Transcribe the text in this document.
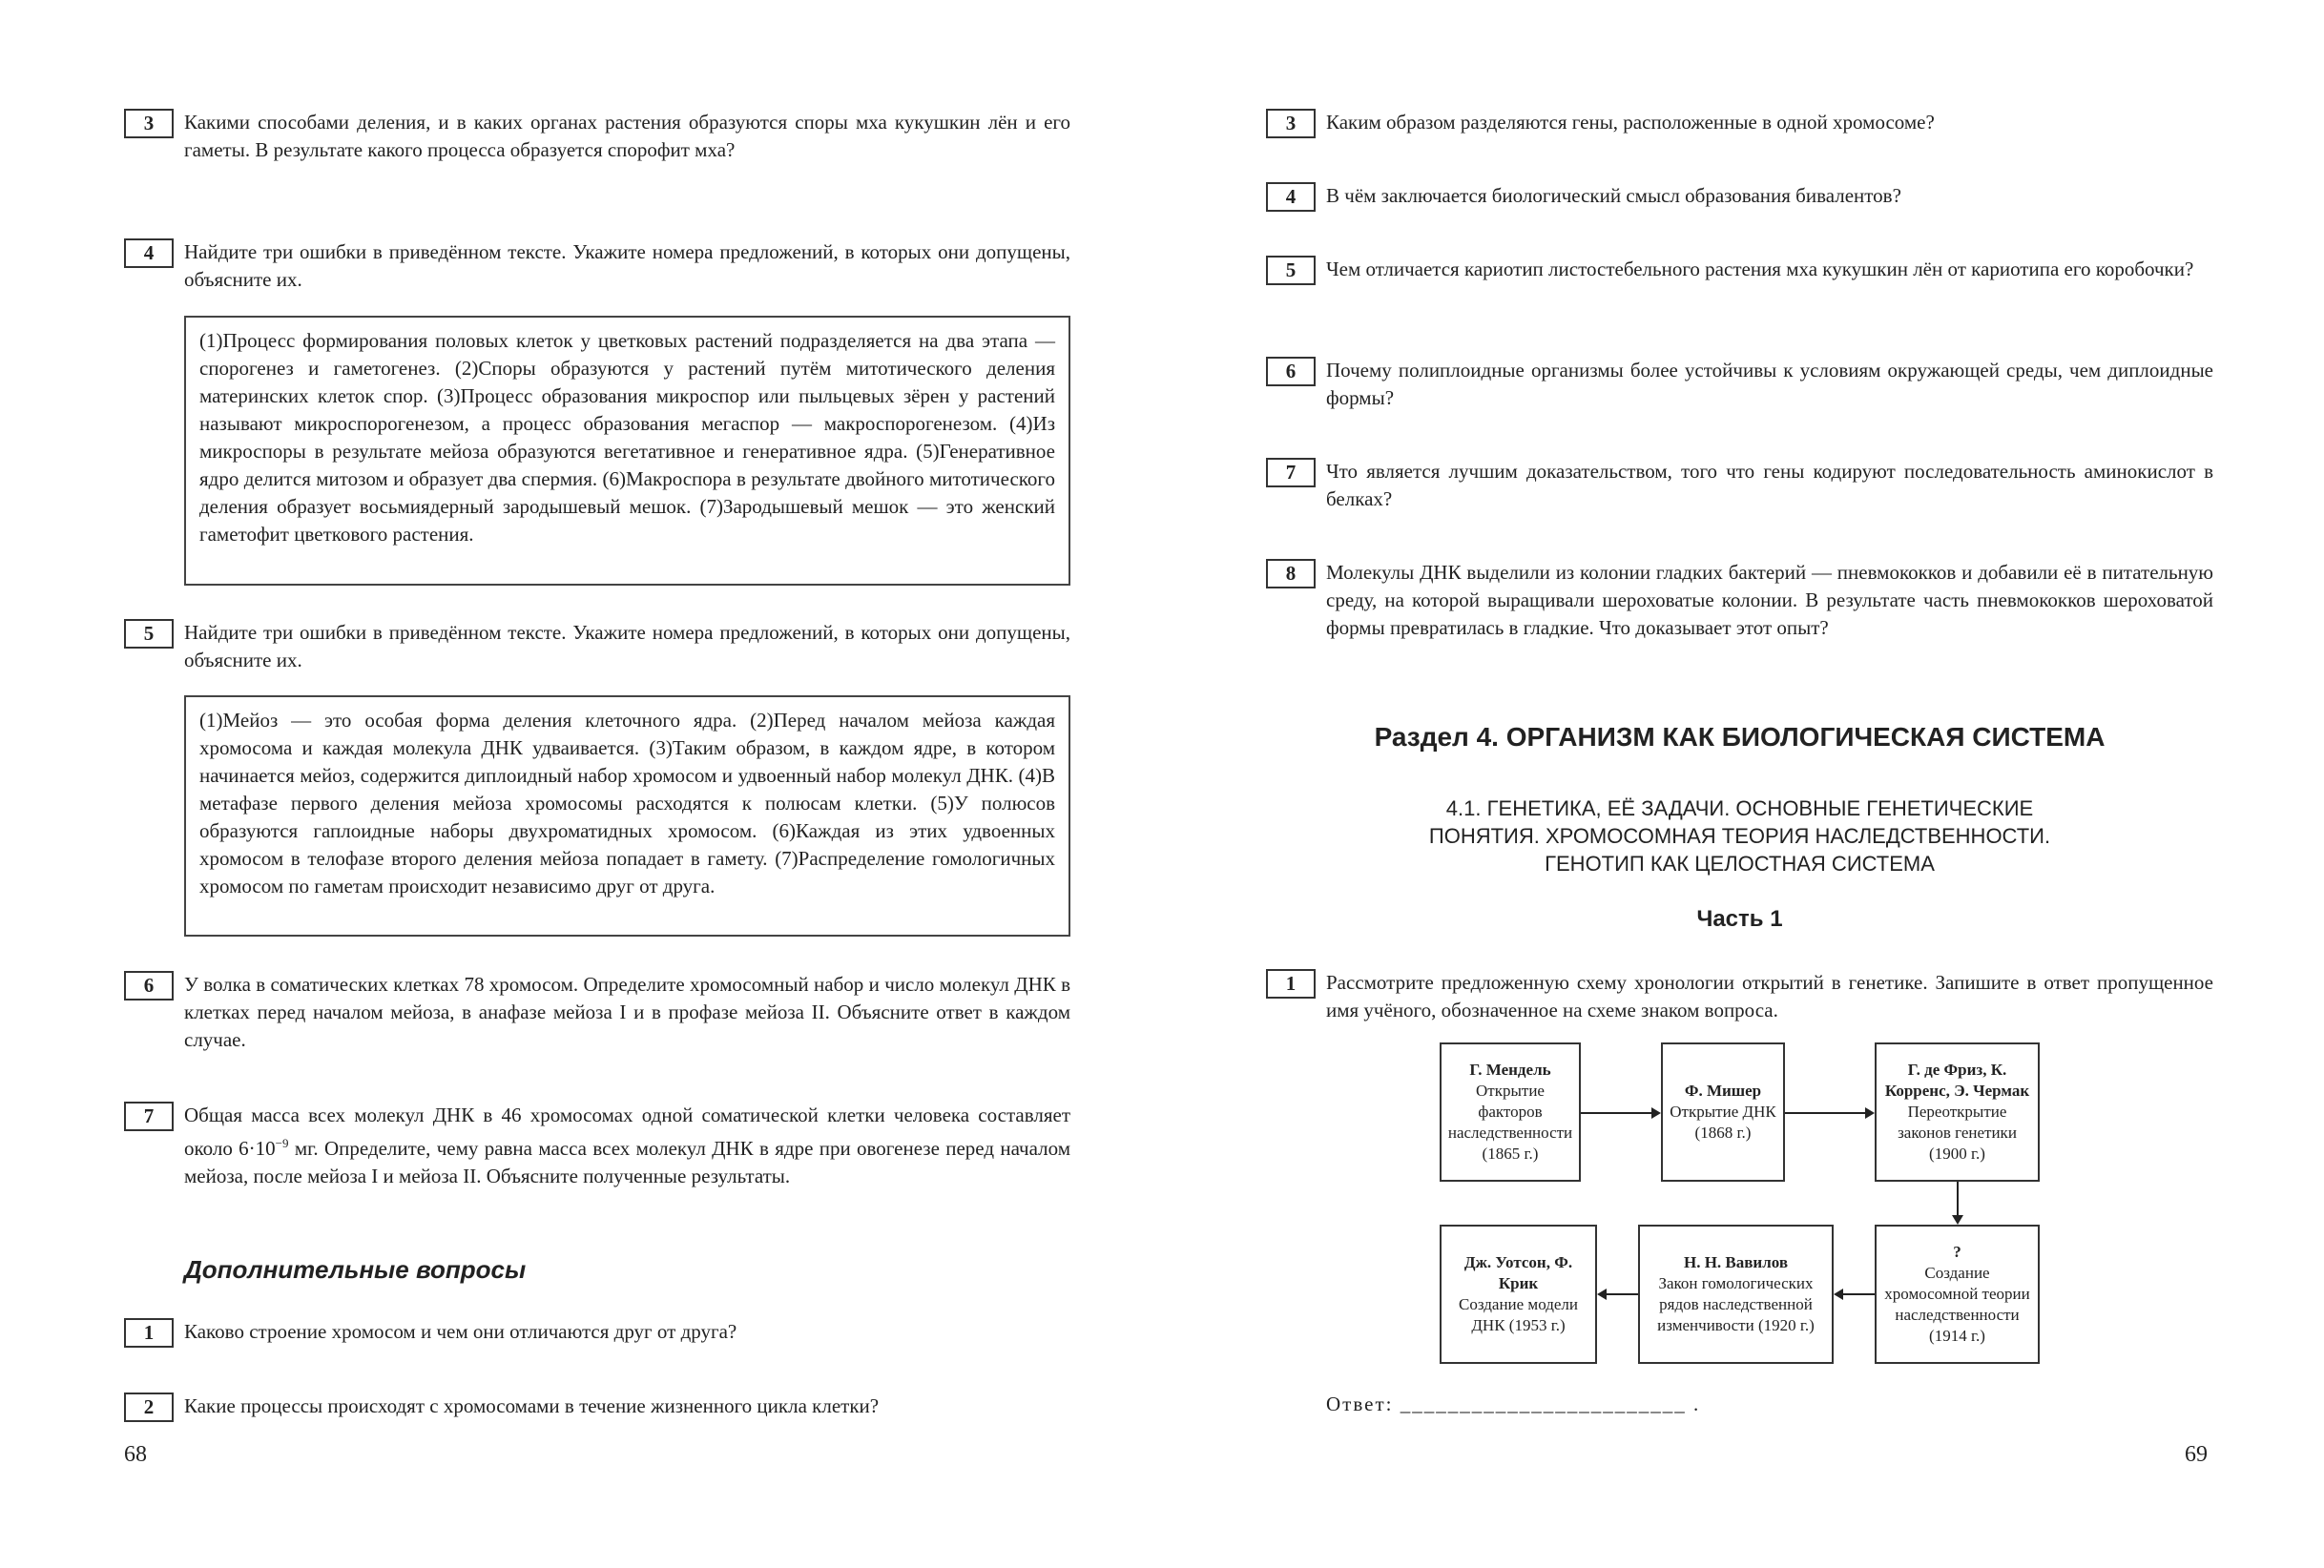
3	Какими способами деления, и в каких органах растения образуются споры мха кукушкин лён и его гаметы. В результате какого процесса образуется спорофит мха?
4	Найдите три ошибки в приведённом тексте. Укажите номера предложений, в которых они допущены, объясните их.
(1)Процесс формирования половых клеток у цветковых растений подразделяется на два этапа — спорогенез и гаметогенез. (2)Споры образуются у растений путём митотического деления материнских клеток спор. (3)Процесс образования микроспор или пыльцевых зёрен у растений называют микроспорогенезом, а процесс образования мегаспор — макроспорогенезом. (4)Из микроспоры в результате мейоза образуются вегетативное и генеративное ядра. (5)Генеративное ядро делится митозом и образует два спермия. (6)Макроспора в результате двойного митотического деления образует восьмиядерный зародышевый мешок. (7)Зародышевый мешок — это женский гаметофит цветкового растения.
5	Найдите три ошибки в приведённом тексте. Укажите номера предложений, в которых они допущены, объясните их.
(1)Мейоз — это особая форма деления клеточного ядра. (2)Перед началом мейоза каждая хромосома и каждая молекула ДНК удваивается. (3)Таким образом, в каждом ядре, в котором начинается мейоз, содержится диплоидный набор хромосом и удвоенный набор молекул ДНК. (4)В метафазе первого деления мейоза хромосомы расходятся к полюсам клетки. (5)У полюсов образуются гаплоидные наборы двухроматидных хромосом. (6)Каждая из этих удвоенных хромосом в телофазе второго деления мейоза попадает в гамету. (7)Распределение гомологичных хромосом по гаметам происходит независимо друг от друга.
6	У волка в соматических клетках 78 хромосом. Определите хромосомный набор и число молекул ДНК в клетках перед началом мейоза, в анафазе мейоза I и в профазе мейоза II. Объясните ответ в каждом случае.
7	Общая масса всех молекул ДНК в 46 хромосомах одной соматической клетки человека составляет около $6\cdot 10^{-9}$ мг. Определите, чему равна масса всех молекул ДНК в ядре при овогенезе перед началом мейоза, после мейоза I и мейоза II. Объясните полученные результаты.
Дополнительные вопросы
1	Каково строение хромосом и чем они отличаются друг от друга?
2	Какие процессы происходят с хромосомами в течение жизненного цикла клетки?
68
3	Каким образом разделяются гены, расположенные в одной хромосоме?
4	В чём заключается биологический смысл образования бивалентов?
5	Чем отличается кариотип листостебельного растения мха кукушкин лён от кариотипа его коробочки?
6	Почему полиплоидные организмы более устойчивы к условиям окружающей среды, чем диплоидные формы?
7	Что является лучшим доказательством, того что гены кодируют последовательность аминокислот в белках?
8	Молекулы ДНК выделили из колонии гладких бактерий — пневмококков и добавили её в питательную среду, на которой выращивали шероховатые колонии. В результате часть пневмококков шероховатой формы превратилась в гладкие. Что доказывает этот опыт?
Раздел 4. ОРГАНИЗМ КАК БИОЛОГИЧЕСКАЯ СИСТЕМА
4.1. ГЕНЕТИКА, ЕЁ ЗАДАЧИ. ОСНОВНЫЕ ГЕНЕТИЧЕСКИЕ
ПОНЯТИЯ. ХРОМОСОМНАЯ ТЕОРИЯ НАСЛЕДСТВЕННОСТИ.
ГЕНОТИП КАК ЦЕЛОСТНАЯ СИСТЕМА
Часть 1
1	Рассмотрите предложенную схему хронологии открытий в генетике. Запишите в ответ пропущенное имя учёного, обозначенное на схеме знаком вопроса.
Г. Мендель
Открытие факторов наследственности (1865 г.)
Ф. Мишер
Открытие ДНК (1868 г.)
Г. де Фриз, К. Корренс, Э. Чермак
Переоткрытие законов генетики (1900 г.)
?
Создание хромосомной теории наследственности (1914 г.)
Н. Н. Вавилов
Закон гомологических рядов наследственной изменчивости (1920 г.)
Дж. Уотсон, Ф. Крик
Создание модели ДНК (1953 г.)
Ответ: ________________________ .
69
